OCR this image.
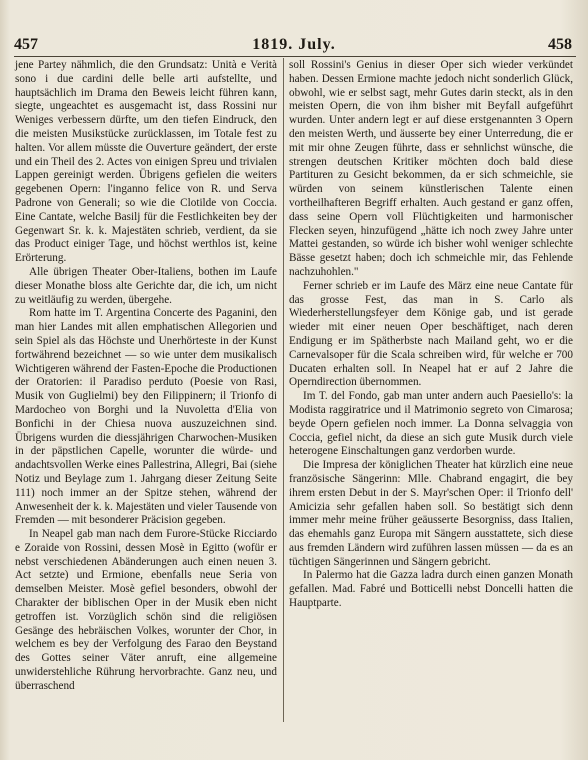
457	1819. July.	458

jene Partey nähmlich, die den Grundsatz: Unità e Verità sono i due cardini delle belle arti aufstellte, und hauptsächlich im Drama den Beweis leicht führen kann, siegte, ungeachtet es ausgemacht ist, dass Rossini nur Weniges verbessern dürfte, um den tiefen Eindruck, den die meisten Musikstücke zurücklassen, im Totale fest zu halten. Vor allem müsste die Ouverture geändert, der erste und ein Theil des 2. Actes von einigen Spreu und trivialen Lappen gereinigt werden. Übrigens gefielen die weiters gegebenen Opern: l'inganno felice von R. und Serva Padrone von Generali; so wie die Clotilde von Coccia. Eine Cantate, welche Basilj für die Festlichkeiten bey der Gegenwart Sr. k. k. Majestäten schrieb, verdient, da sie das Product einiger Tage, und höchst werthlos ist, keine Erörterung.

Alle übrigen Theater Ober-Italiens, bothen im Laufe dieser Monathe bloss alte Gerichte dar, die ich, um nicht zu weitläufig zu werden, übergehe.

Rom hatte im T. Argentina Concerte des Paganini, den man hier Landes mit allen emphatischen Allegorien und sein Spiel als das Höchste und Unerhörteste in der Kunst fortwährend bezeichnet — so wie unter dem musikalisch Wichtigeren während der Fasten-Epoche die Productionen der Oratorien: il Paradiso perduto (Poesie von Rasi, Musik von Guglielmi) bey den Filippinern; il Trionfo di Mardocheo von Borghi und la Nuvoletta d'Elia von Bonfichi in der Chiesa nuova auszuzeichnen sind. Übrigens wurden die diessjährigen Charwochen-Musiken in der päpstlichen Capelle, worunter die würde- und andachtsvollen Werke eines Pallestrina, Allegri, Bai (siehe Notiz und Beylage zum 1. Jahrgang dieser Zeitung Seite 111) noch immer an der Spitze stehen, während der Anwesenheit der k. k. Majestäten und vieler Tausende von Fremden — mit besonderer Präcision gegeben.

In Neapel gab man nach dem Furore-Stücke Ricciardo e Zoraide von Rossini, dessen Mosè in Egitto (wofür er nebst verschiedenen Abänderungen auch einen neuen 3. Act setzte) und Ermione, ebenfalls neue Seria von demselben Meister. Mosè gefiel besonders, obwohl der Charakter der biblischen Oper in der Musik eben nicht getroffen ist. Vorzüglich schön sind die religiösen Gesänge des hebräischen Volkes, worunter der Chor, in welchem es bey der Verfolgung des Farao den Beystand des Gottes seiner Väter anruft, eine allgemeine unwiderstehliche Rührung hervorbrachte. Ganz neu, und überraschend

soll Rossini's Genius in dieser Oper sich wieder verkündet haben. Dessen Ermione machte jedoch nicht sonderlich Glück, obwohl, wie er selbst sagt, mehr Gutes darin steckt, als in den meisten Opern, die von ihm bisher mit Beyfall aufgeführt wurden. Unter andern legt er auf diese erstgenannten 3 Opern den meisten Werth, und äusserte bey einer Unterredung, die er mit mir ohne Zeugen führte, dass er sehnlichst wünsche, die strengen deutschen Kritiker möchten doch bald diese Partituren zu Gesicht bekommen, da er sich schmeichle, sie würden von seinem künstlerischen Talente einen vortheilhafteren Begriff erhalten. Auch gestand er ganz offen, dass seine Opern voll Flüchtigkeiten und harmonischer Flecken seyen, hinzufügend „hätte ich noch zwey Jahre unter Mattei gestanden, so würde ich bisher wohl weniger schlechte Bässe gesetzt haben; doch ich schmeichle mir, das Fehlende nachzuhohlen."

Ferner schrieb er im Laufe des März eine neue Cantate für das grosse Fest, das man in S. Carlo als Wiederherstellungsfeyer dem Könige gab, und ist gerade wieder mit einer neuen Oper beschäftiget, nach deren Endigung er im Spätherbste nach Mailand geht, wo er die Carnevalsoper für die Scala schreiben wird, für welche er 700 Ducaten erhalten soll. In Neapel hat er auf 2 Jahre die Operndirection übernommen.

Im T. del Fondo, gab man unter andern auch Paesiello's: la Modista raggiratrice und il Matrimonio segreto von Cimarosa; beyde Opern gefielen noch immer. La Donna selvaggia von Coccia, gefiel nicht, da diese an sich gute Musik durch viele heterogene Einschaltungen ganz verdorben wurde.

Die Impresa der königlichen Theater hat kürzlich eine neue französische Sängerinn: Mlle. Chabrand engagirt, die bey ihrem ersten Debut in der S. Mayr'schen Oper: il Trionfo dell' Amicizia sehr gefallen haben soll. So bestätigt sich denn immer mehr meine früher geäusserte Besorgniss, dass Italien, das ehemahls ganz Europa mit Sängern ausstattete, sich diese aus fremden Ländern wird zuführen lassen müssen — da es an tüchtigen Sängerinnen und Sängern gebricht.

In Palermo hat die Gazza ladra durch einen ganzen Monath gefallen. Mad. Fabré und Botticelli nebst Doncelli hatten die Hauptparte.
